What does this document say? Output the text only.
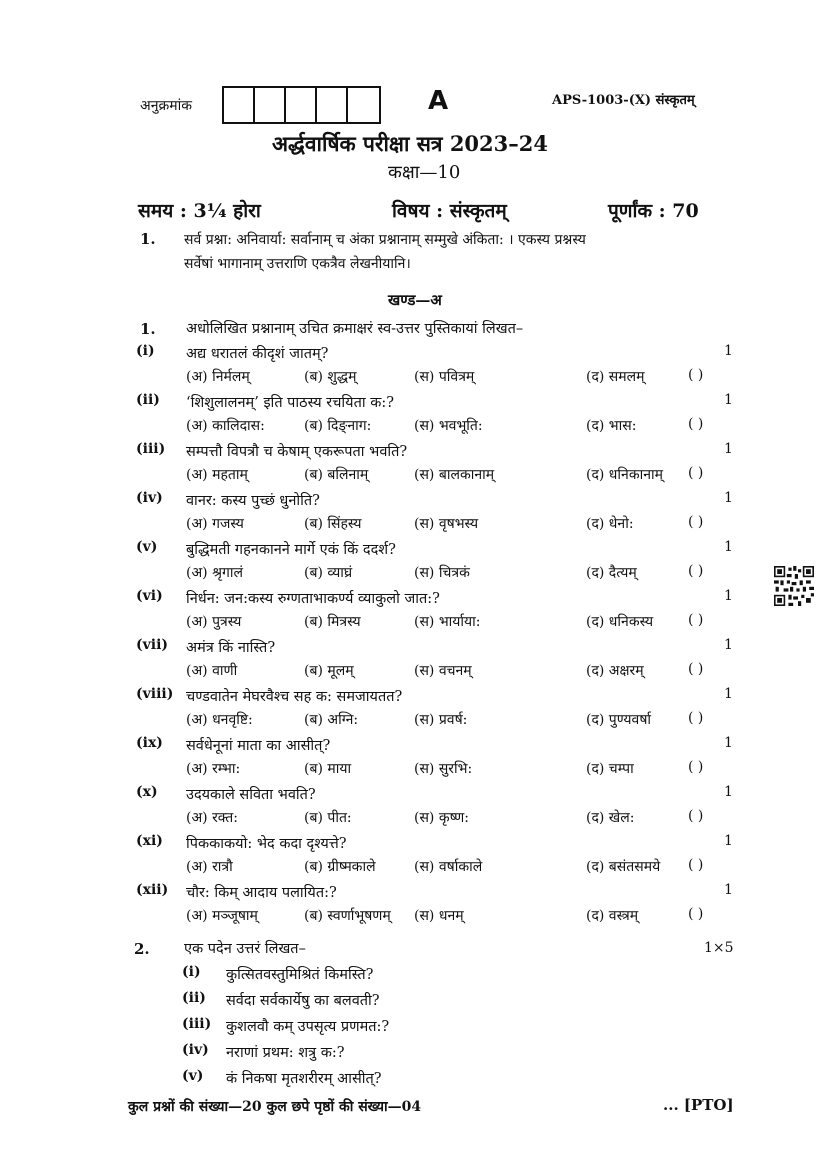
अनुक्रमांक	A	APS-1003-(X) संस्कृतम्
अर्द्धवार्षिक परीक्षा सत्र 2023–24
कक्षा—10
समय : 3¼ होरा	विषय : संस्कृतम्	पूर्णांक : 70
1. सर्व प्रश्ना: अनिवार्या: सर्वानाम् च अंका प्रश्नानाम् सम्मुखे अंकिता: । एकस्य प्रश्नस्य
सर्वेषां भागानाम् उत्तराणि एकत्रैव लेखनीयानि।
खण्ड—अ
1. अधोलिखित प्रश्नानाम् उचित क्रमाक्षरं स्व-उत्तर पुस्तिकायां लिखत–
(i) अद्य धरातलं कीदृशं जातम्?	1
(अ) निर्मलम्	(ब) शुद्धम्	(स) पवित्रम्	(द) समलम्	( )
(ii) ‘शिशुलालनम्’ इति पाठस्य रचयिता क:?	1
(अ) कालिदास:	(ब) दिङ्नाग:	(स) भवभूति:	(द) भास:	( )
(iii) सम्पत्तौ विपत्रौ च केषाम् एकरूपता भवति?	1
(अ) महताम्	(ब) बलिनाम्	(स) बालकानाम्	(द) धनिकानाम् ( )
(iv) वानर: कस्य पुच्छं धुनोति?	1
(अ) गजस्य	(ब) सिंहस्य	(स) वृषभस्य	(द) धेनो:	( )
(v) बुद्धिमती गहनकानने मार्गे एकं किं ददर्श?	1
(अ) श्रृगालं	(ब) व्याघ्रं	(स) चित्रकं	(द) दैत्यम्	( )
(vi) निर्धन: जन:कस्य रुग्णताभाकर्ण्य व्याकुलो जात:?	1
(अ) पुत्रस्य	(ब) मित्रस्य	(स) भार्याया:	(द) धनिकस्य ( )
(vii) अमंत्र किं नास्ति?	1
(अ) वाणी	(ब) मूलम्	(स) वचनम्	(द) अक्षरम्	( )
(viii) चण्डवातेन मेघरवैश्च सह क: समजायतत?	1
(अ) धनवृष्टि:	(ब) अग्नि:	(स) प्रवर्ष:	(द) पुण्यवर्षा	( )
(ix) सर्वधेनूनां माता का आसीत्?	1
(अ) रम्भा:	(ब) माया	(स) सुरभि:	(द) चम्पा	( )
(x) उदयकाले सविता भवति?	1
(अ) रक्त:	(ब) पीत:	(स) कृष्ण:	(द) खेल:	( )
(xi) पिककाकयो: भेद कदा दृश्यत्ते?	1
(अ) रात्रौ	(ब) ग्रीष्मकाले	(स) वर्षाकाले	(द) बसंतसमये ( )
(xii) चौर: किम् आदाय पलायित:?	1
(अ) मञ्जूषाम्	(ब) स्वर्णाभूषणम् (स) धनम्	(द) वस्त्रम्	( )
2. एक पदेन उत्तरं लिखत–	1×5
(i) कुत्सितवस्तुमिश्रितं किमस्ति?
(ii) सर्वदा सर्वकार्येषु का बलवती?
(iii) कुशलवौ कम् उपसृत्य प्रणमत:?
(iv) नराणां प्रथम: शत्रु क:?
(v) कं निकषा मृतशरीरम् आसीत्?
कुल प्रश्नों की संख्या—20 कुल छपे पृष्ठों की संख्या—04	... [PTO]
